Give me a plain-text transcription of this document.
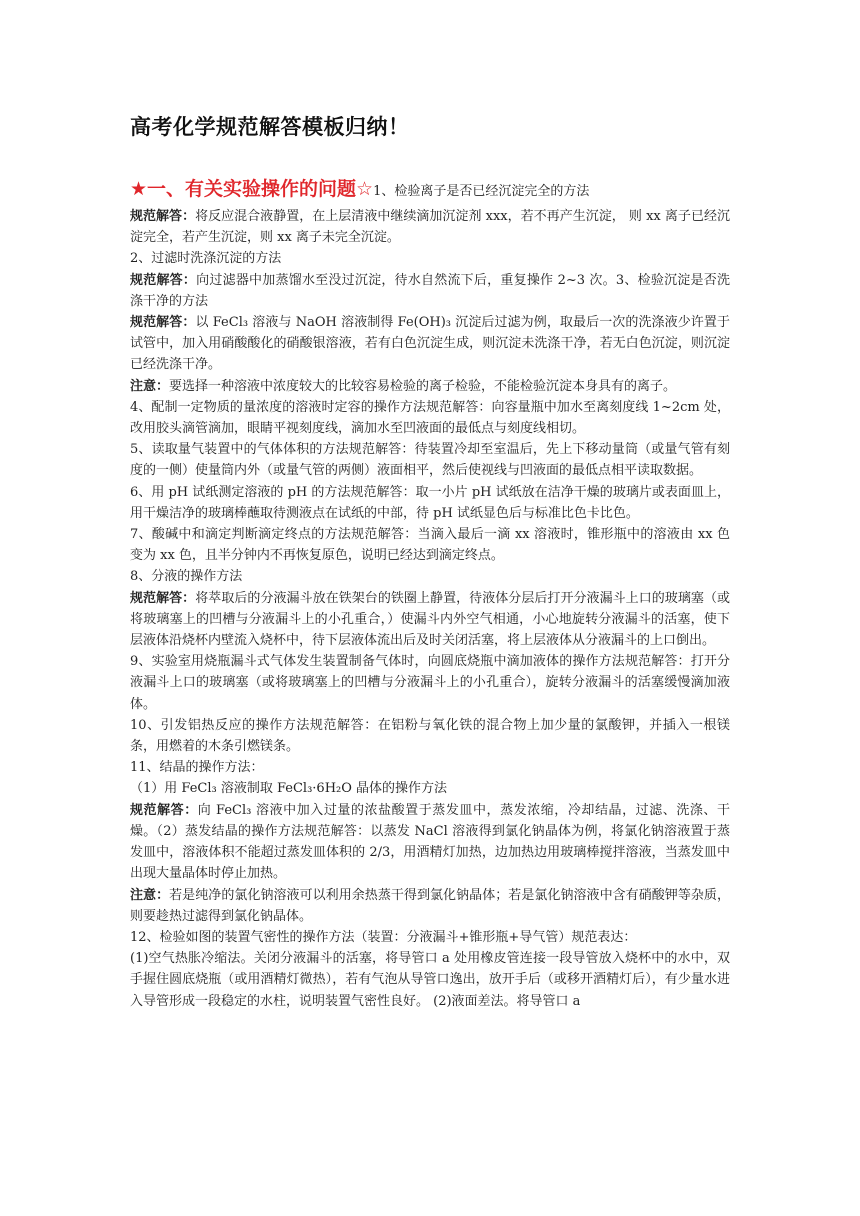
高考化学规范解答模板归纳！
★一、有关实验操作的问题☆1、检验离子是否已经沉淀完全的方法

规范解答：将反应混合液静置，在上层清液中继续滴加沉淀剂 xxx，若不再产生沉淀， 则 xx 离子已经沉淀完全，若产生沉淀，则 xx 离子未完全沉淀。

2、过滤时洗涤沉淀的方法

规范解答：向过滤器中加蒸馏水至没过沉淀，待水自然流下后，重复操作 2~3 次。3、检验沉淀是否洗涤干净的方法

规范解答：以 FeCl₃ 溶液与 NaOH 溶液制得 Fe(OH)₃ 沉淀后过滤为例，取最后一次的洗涤液少许置于试管中，加入用硝酸酸化的硝酸银溶液，若有白色沉淀生成，则沉淀未洗涤干净，若无白色沉淀，则沉淀已经洗涤干净。

注意：要选择一种溶液中浓度较大的比较容易检验的离子检验，不能检验沉淀本身具有的离子。

4、配制一定物质的量浓度的溶液时定容的操作方法规范解答：向容量瓶中加水至离刻度线 1~2cm 处，改用胶头滴管滴加，眼睛平视刻度线，滴加水至凹液面的最低点与刻度线相切。

5、读取量气装置中的气体体积的方法规范解答：待装置冷却至室温后，先上下移动量筒（或量气管有刻度的一侧）使量筒内外（或量气管的两侧）液面相平，然后使视线与凹液面的最低点相平读取数据。

6、用 pH 试纸测定溶液的 pH 的方法规范解答：取一小片 pH 试纸放在洁净干燥的玻璃片或表面皿上，用干燥洁净的玻璃棒蘸取待测液点在试纸的中部，待 pH 试纸显色后与标准比色卡比色。

7、酸碱中和滴定判断滴定终点的方法规范解答：当滴入最后一滴 xx 溶液时，锥形瓶中的溶液由 xx 色变为 xx 色，且半分钟内不再恢复原色，说明已经达到滴定终点。

8、分液的操作方法

规范解答：将萃取后的分液漏斗放在铁架台的铁圈上静置，待液体分层后打开分液漏斗上口的玻璃塞（或将玻璃塞上的凹槽与分液漏斗上的小孔重合，）使漏斗内外空气相通，小心地旋转分液漏斗的活塞，使下层液体沿烧杯内壁流入烧杯中，待下层液体流出后及时关闭活塞，将上层液体从分液漏斗的上口倒出。

9、实验室用烧瓶漏斗式气体发生装置制备气体时，向圆底烧瓶中滴加液体的操作方法规范解答：打开分液漏斗上口的玻璃塞（或将玻璃塞上的凹槽与分液漏斗上的小孔重合），旋转分液漏斗的活塞缓慢滴加液体。

10、引发铝热反应的操作方法规范解答：在铝粉与氧化铁的混合物上加少量的氯酸钾，并插入一根镁条，用燃着的木条引燃镁条。

11、结晶的操作方法：

（1）用 FeCl₃ 溶液制取 FeCl₃·6H₂O 晶体的操作方法

规范解答：向 FeCl₃ 溶液中加入过量的浓盐酸置于蒸发皿中，蒸发浓缩，冷却结晶，过滤、洗涤、干燥。（2）蒸发结晶的操作方法规范解答：以蒸发 NaCl 溶液得到氯化钠晶体为例，将氯化钠溶液置于蒸发皿中，溶液体积不能超过蒸发皿体积的 2/3，用酒精灯加热，边加热边用玻璃棒搅拌溶液，当蒸发皿中出现大量晶体时停止加热。

注意：若是纯净的氯化钠溶液可以利用余热蒸干得到氯化钠晶体；若是氯化钠溶液中含有硝酸钾等杂质，则要趁热过滤得到氯化钠晶体。

12、检验如图的装置气密性的操作方法（装置：分液漏斗+锥形瓶+导气管）规范表达：

(1)空气热胀冷缩法。关闭分液漏斗的活塞，将导管口 a 处用橡皮管连接一段导管放入烧杯中的水中，双手握住圆底烧瓶（或用酒精灯微热），若有气泡从导管口逸出，放开手后（或移开酒精灯后），有少量水进入导管形成一段稳定的水柱，说明装置气密性良好。 (2)液面差法。将导管口 a
